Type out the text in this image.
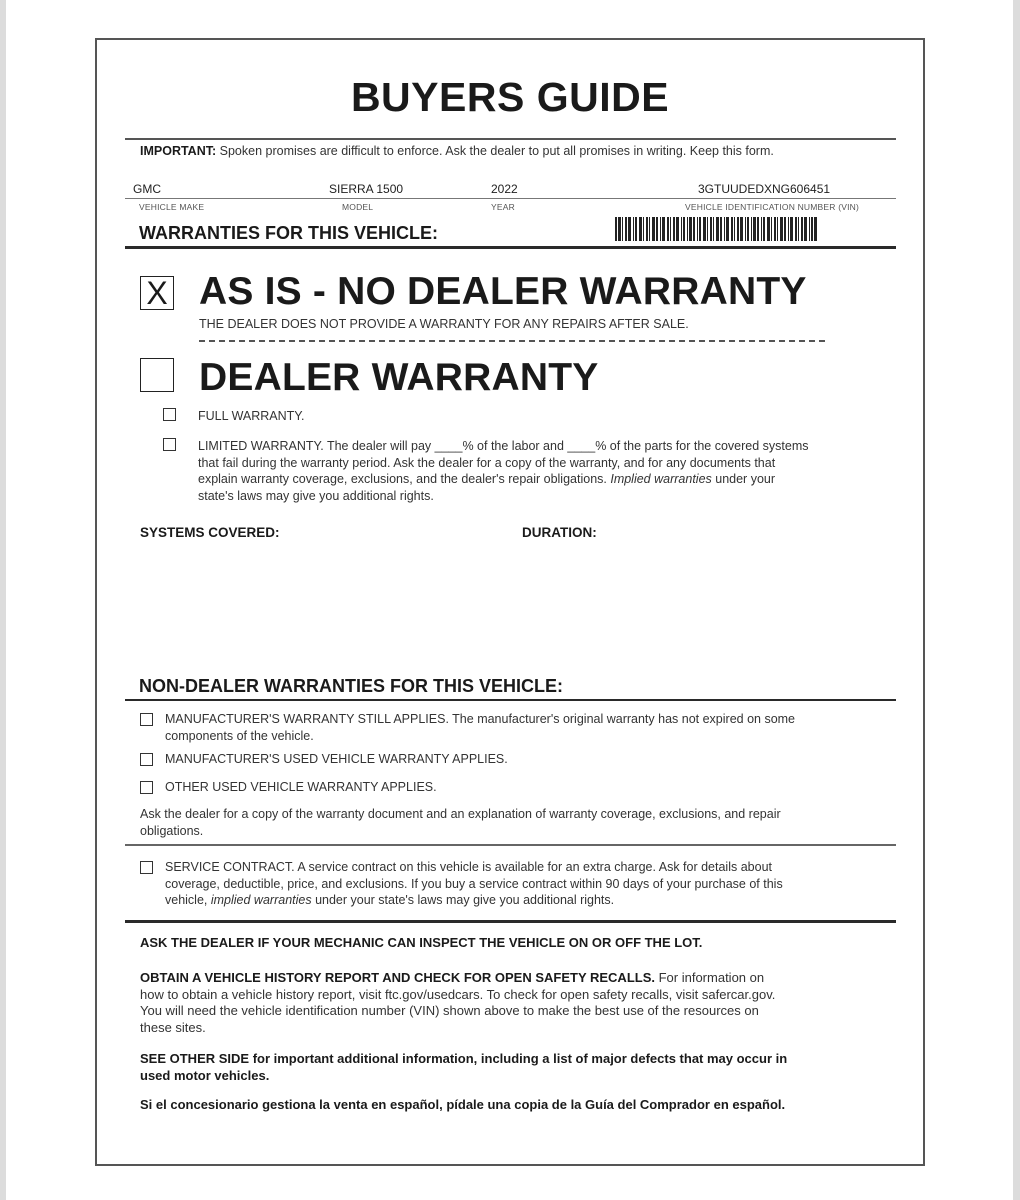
BUYERS GUIDE
IMPORTANT: Spoken promises are difficult to enforce. Ask the dealer to put all promises in writing. Keep this form.
GMC	SIERRA 1500	2022	3GTUUDEDXNG606451
VEHICLE MAKE	MODEL	YEAR	VEHICLE IDENTIFICATION NUMBER (VIN)
WARRANTIES FOR THIS VEHICLE:
X AS IS - NO DEALER WARRANTY
THE DEALER DOES NOT PROVIDE A WARRANTY FOR ANY REPAIRS AFTER SALE.
DEALER WARRANTY
FULL WARRANTY.
LIMITED WARRANTY. The dealer will pay ____% of the labor and ____% of the parts for the covered systems
that fail during the warranty period. Ask the dealer for a copy of the warranty, and for any documents that
explain warranty coverage, exclusions, and the dealer's repair obligations. Implied warranties under your
state's laws may give you additional rights.
SYSTEMS COVERED:	DURATION:
NON-DEALER WARRANTIES FOR THIS VEHICLE:
MANUFACTURER'S WARRANTY STILL APPLIES. The manufacturer's original warranty has not expired on some
components of the vehicle.
MANUFACTURER'S USED VEHICLE WARRANTY APPLIES.
OTHER USED VEHICLE WARRANTY APPLIES.
Ask the dealer for a copy of the warranty document and an explanation of warranty coverage, exclusions, and repair
obligations.
SERVICE CONTRACT. A service contract on this vehicle is available for an extra charge. Ask for details about
coverage, deductible, price, and exclusions. If you buy a service contract within 90 days of your purchase of this
vehicle, implied warranties under your state's laws may give you additional rights.
ASK THE DEALER IF YOUR MECHANIC CAN INSPECT THE VEHICLE ON OR OFF THE LOT.
OBTAIN A VEHICLE HISTORY REPORT AND CHECK FOR OPEN SAFETY RECALLS. For information on
how to obtain a vehicle history report, visit ftc.gov/usedcars. To check for open safety recalls, visit safercar.gov.
You will need the vehicle identification number (VIN) shown above to make the best use of the resources on
these sites.
SEE OTHER SIDE for important additional information, including a list of major defects that may occur in
used motor vehicles.
Si el concesionario gestiona la venta en español, pídale una copia de la Guía del Comprador en español.
